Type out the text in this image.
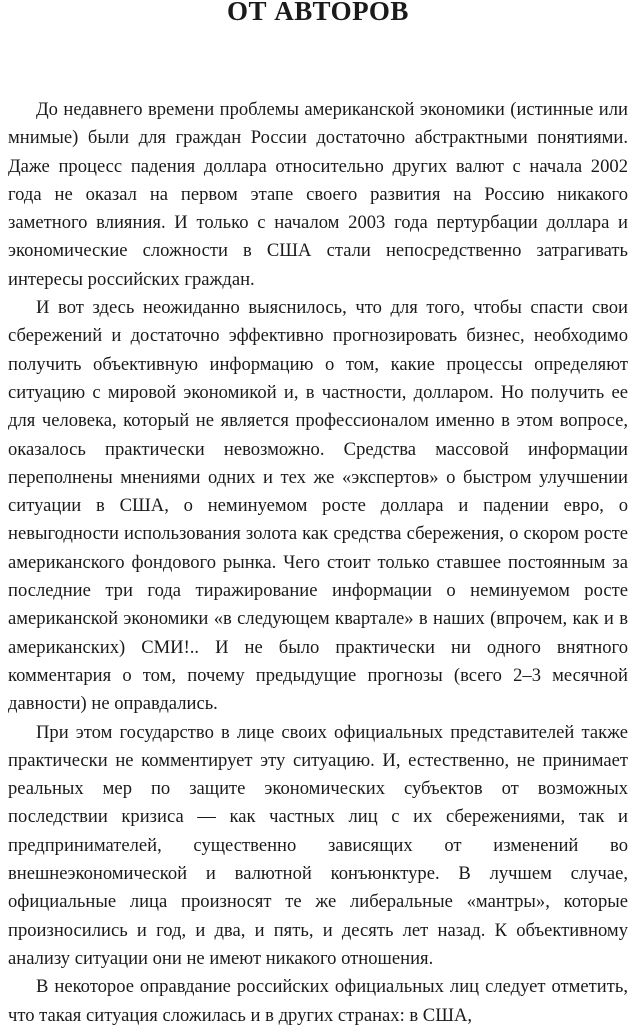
ОТ АВТОРОВ

До недавнего времени проблемы американской экономики (истинные или мнимые) были для граждан России достаточно абстрактными понятиями. Даже процесс падения доллара относительно других валют с начала 2002 года не оказал на первом этапе своего развития на Россию никакого заметного влияния. И только с началом 2003 года пертурбации доллара и экономические сложности в США стали непосредственно затрагивать интересы российских граждан.

И вот здесь неожиданно выяснилось, что для того, чтобы спасти свои сбережений и достаточно эффективно прогнозировать бизнес, необходимо получить объективную информацию о том, какие процессы определяют ситуацию с мировой экономикой и, в частности, долларом. Но получить ее для человека, который не является профессионалом именно в этом вопросе, оказалось практически невозможно. Средства массовой информации переполнены мнениями одних и тех же «экспертов» о быстром улучшении ситуации в США, о неминуемом росте доллара и падении евро, о невыгодности использования золота как средства сбережения, о скором росте американского фондового рынка. Чего стоит только ставшее постоянным за последние три года тиражирование информации о неминуемом росте американской экономики «в следующем квартале» в наших (впрочем, как и в американских) СМИ!.. И не было практически ни одного внятного комментария о том, почему предыдущие прогнозы (всего 2–3 месячной давности) не оправдались.

При этом государство в лице своих официальных представителей также практически не комментирует эту ситуацию. И, естественно, не принимает реальных мер по защите экономических субъектов от возможных последствии кризиса — как частных лиц с их сбережениями, так и предпринимателей, существенно зависящих от изменений во внешнеэкономической и валютной конъюнктуре. В лучшем случае, официальные лица произносят те же либеральные «мантры», которые произносились и год, и два, и пять, и десять лет назад. К объективному анализу ситуации они не имеют никакого отношения.

В некоторое оправдание российских официальных лиц следует отметить, что такая ситуация сложилась и в других странах: в США,
